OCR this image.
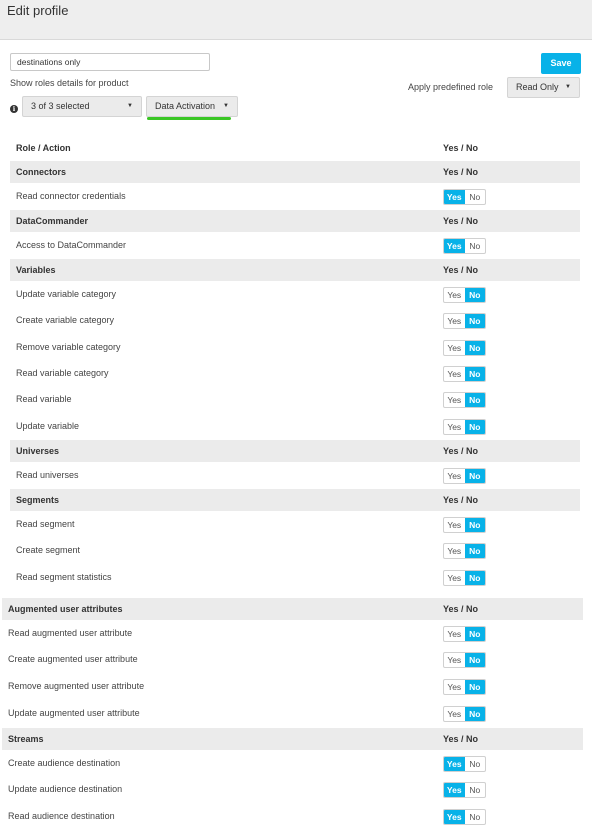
Edit profile
destinations only
Show roles details for product
i	3 of 3 selected	▼	Data Activation ▼
Save
Apply predefined role	Read Only ▼
Role / Action	Yes / No
Connectors	Yes / No
Read connector credentials	Yes No
DataCommander	Yes / No
Access to DataCommander	Yes No
Variables	Yes / No
Update variable category	Yes No
Create variable category	Yes No
Remove variable category	Yes No
Read variable category	Yes No
Read variable	Yes No
Update variable	Yes No
Universes	Yes / No
Read universes	Yes No
Segments	Yes / No
Read segment	Yes No
Create segment	Yes No
Read segment statistics	Yes No
Augmented user attributes	Yes / No
Read augmented user attribute	Yes No
Create augmented user attribute	Yes No
Remove augmented user attribute	Yes No
Update augmented user attribute	Yes No
Streams	Yes / No
Create audience destination	Yes No
Update audience destination	Yes No
Read audience destination	Yes No
